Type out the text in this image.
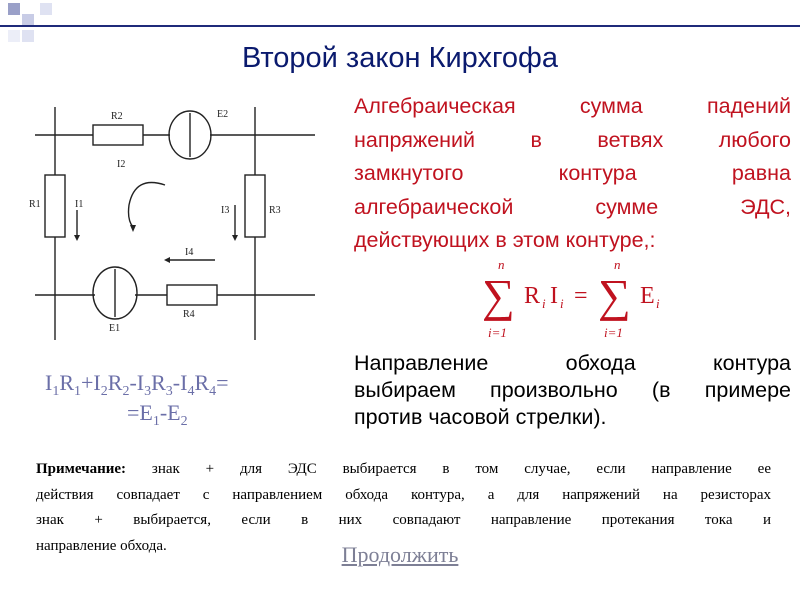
Второй закон Кирхгофа
R2	E2
I2
R1	I1
I3	R3
I4
R4
E1
Алгебраическая сумма падений
напряжений в ветвях любого
замкнутого контура равна
алгебраической сумме ЭДС,
действующих в этом контуре,:
n
∑
i=1
R i I i =
n
∑
i=1
E i
Направление обхода контура
выбираем произвольно (в примере
против часовой стрелки).
$I_1R_1+I_2R_2-I_3R_3-I_4R_4=$
$=E_1-E_2$
Примечание: знак + для ЭДС выбирается в том случае, если направление ее
действия совпадает с направлением обхода контура, а для напряжений на резисторах
знак + выбирается, если в них совпадают направление протекания тока и
направление обхода.	Продолжить
